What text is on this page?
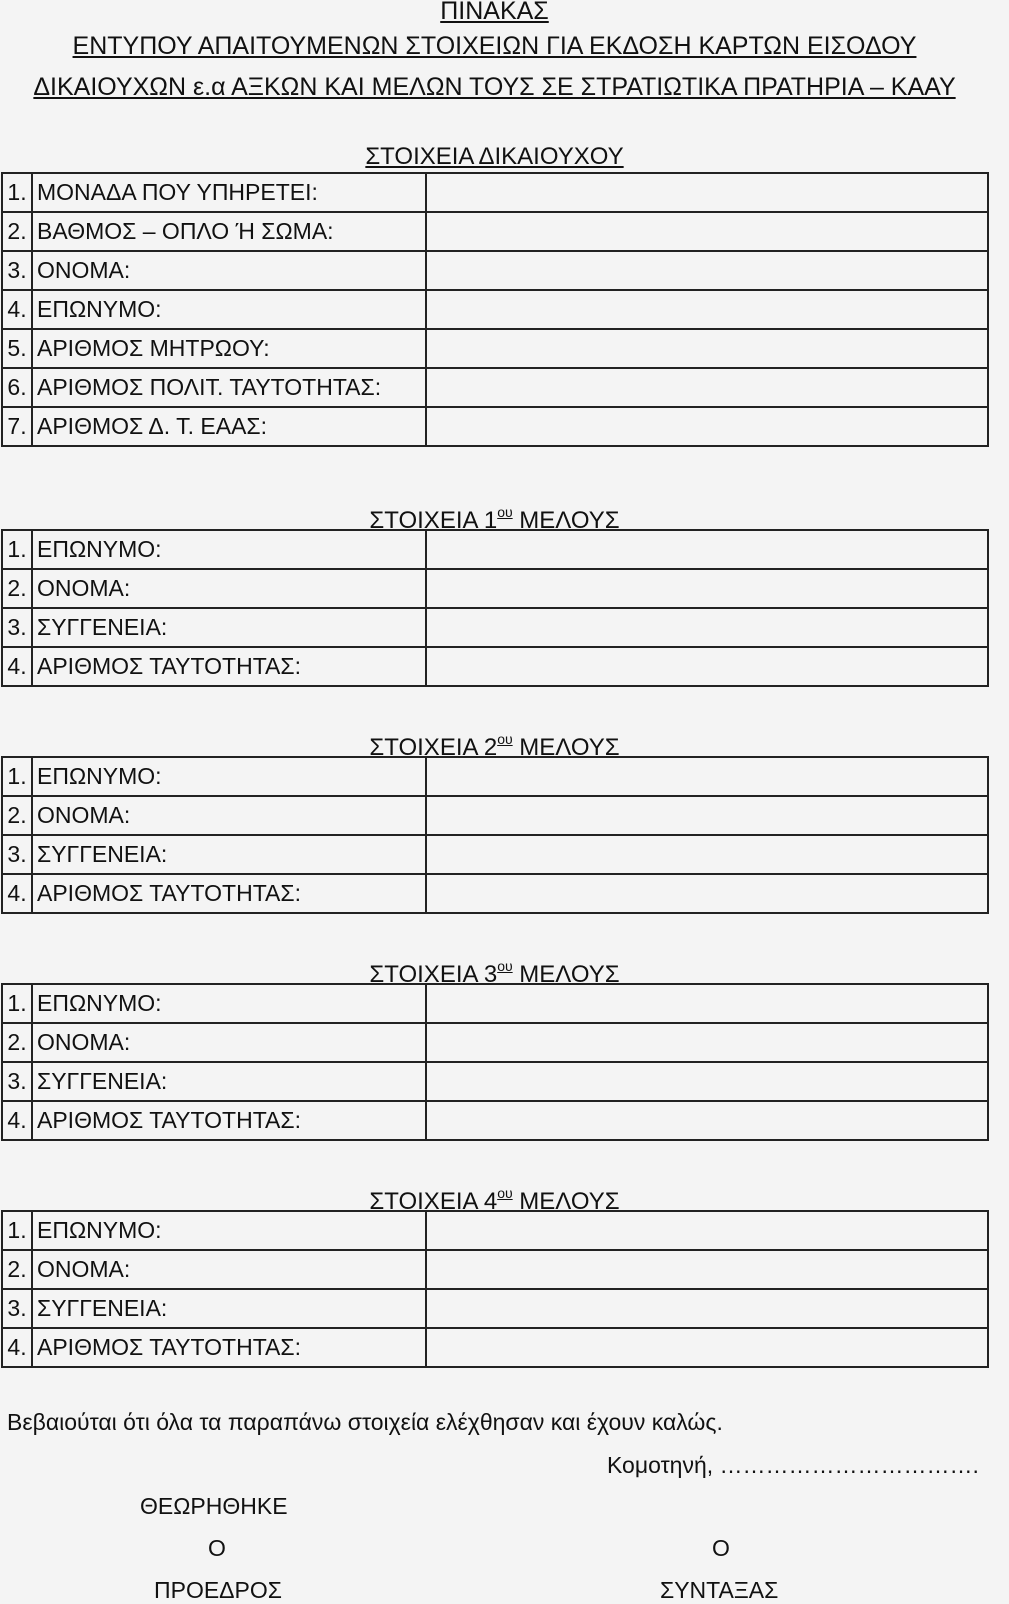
ΠΙΝΑΚΑΣ
ΕΝΤΥΠΟΥ ΑΠΑΙΤΟΥΜΕΝΩΝ ΣΤΟΙΧΕΙΩΝ ΓΙΑ ΕΚΔΟΣΗ ΚΑΡΤΩΝ ΕΙΣΟΔΟΥ
ΔΙΚΑΙΟΥΧΩΝ ε.α ΑΞΚΩΝ ΚΑΙ ΜΕΛΩΝ ΤΟΥΣ ΣΕ ΣΤΡΑΤΙΩΤΙΚΑ ΠΡΑΤΗΡΙΑ – ΚΑΑΥ
ΣΤΟΙΧΕΙΑ ΔΙΚΑΙΟΥΧΟΥ
1.	ΜΟΝΑΔΑ ΠΟΥ ΥΠΗΡΕΤΕΙ:	
2.	ΒΑΘΜΟΣ – ΟΠΛΟ Ή ΣΩΜΑ:	
3.	ΟΝΟΜΑ:	
4.	ΕΠΩΝΥΜΟ:	
5.	ΑΡΙΘΜΟΣ ΜΗΤΡΩΟΥ:	
6.	ΑΡΙΘΜΟΣ ΠΟΛΙΤ. ΤΑΥΤΟΤΗΤΑΣ:	
7.	ΑΡΙΘΜΟΣ Δ. Τ. ΕΑΑΣ:	
ΣΤΟΙΧΕΙΑ $1^{o\upsilon}$ ΜΕΛΟΥΣ
1.	ΕΠΩΝΥΜΟ:	
2.	ΟΝΟΜΑ:	
3.	ΣΥΓΓΕΝΕΙΑ:	
4.	ΑΡΙΘΜΟΣ ΤΑΥΤΟΤΗΤΑΣ:	
ΣΤΟΙΧΕΙΑ $2^{o\upsilon}$ ΜΕΛΟΥΣ
1.	ΕΠΩΝΥΜΟ:	
2.	ΟΝΟΜΑ:	
3.	ΣΥΓΓΕΝΕΙΑ:	
4.	ΑΡΙΘΜΟΣ ΤΑΥΤΟΤΗΤΑΣ:	
ΣΤΟΙΧΕΙΑ $3^{o\upsilon}$ ΜΕΛΟΥΣ
1.	ΕΠΩΝΥΜΟ:	
2.	ΟΝΟΜΑ:	
3.	ΣΥΓΓΕΝΕΙΑ:	
4.	ΑΡΙΘΜΟΣ ΤΑΥΤΟΤΗΤΑΣ:	
ΣΤΟΙΧΕΙΑ $4^{o\upsilon}$ ΜΕΛΟΥΣ
1.	ΕΠΩΝΥΜΟ:	
2.	ΟΝΟΜΑ:	
3.	ΣΥΓΓΕΝΕΙΑ:	
4.	ΑΡΙΘΜΟΣ ΤΑΥΤΟΤΗΤΑΣ:	
Βεβαιούται ότι όλα τα παραπάνω στοιχεία ελέχθησαν και έχουν καλώς.
Κομοτηνή, …………………………….
ΘΕΩΡΗΘΗΚΕ
Ο	Ο
ΠΡΟΕΔΡΟΣ	ΣΥΝΤΑΞΑΣ
